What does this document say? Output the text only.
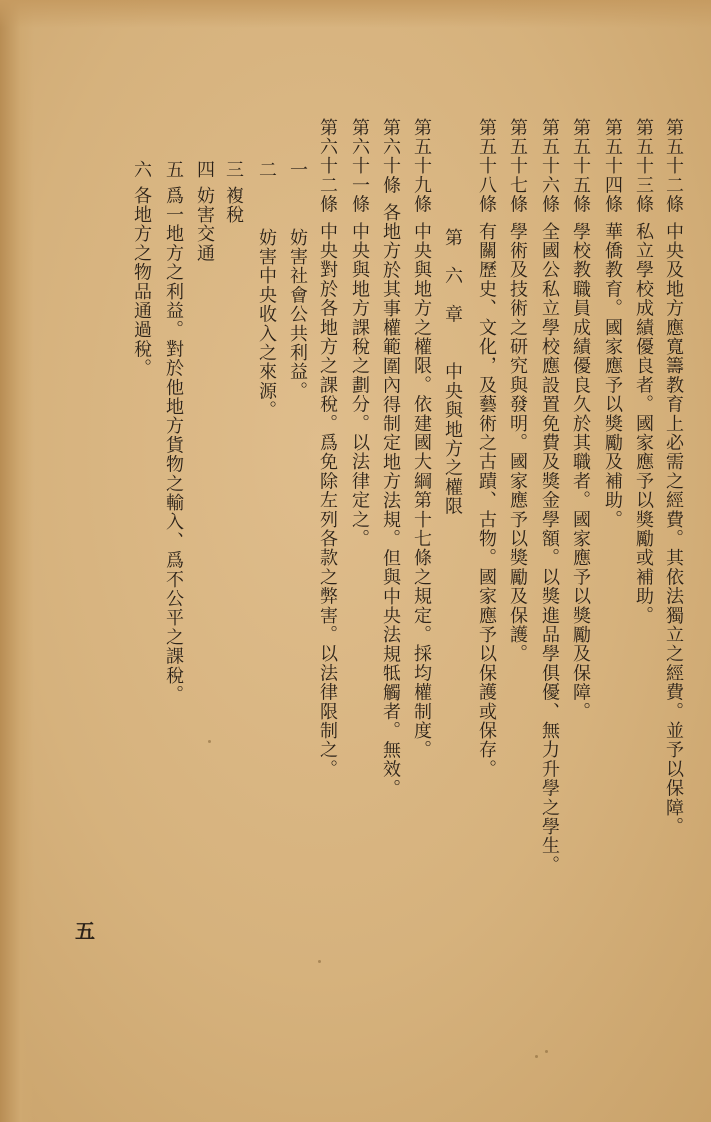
第五十二條中央及地方應寬籌教育上必需之經費。其依法獨立之經費。並予以保障。
第五十三條私立學校成績優良者。國家應予以獎勵或補助。
第五十四條華僑教育。國家應予以獎勵及補助。
第五十五條學校教職員成績優良久於其職者。國家應予以獎勵及保障。
第五十六條全國公私立學校應設置免費及獎金學額。以獎進品學俱優、無力升學之學生。
第五十七條學術及技術之研究與發明。國家應予以獎勵及保護。
第五十八條有關歷史、文化，及藝術之古蹟、古物。國家應予以保護或保存。
第　六　章　　中央與地方之權限
第五十九條中央與地方之權限。依建國大綱第十七條之規定。採均權制度。
第六十條各地方於其事權範圍內得制定地方法規。但與中央法規牴觸者。無效。
第六十一條中央與地方課稅之劃分。以法律定之。
第六十二條中央對於各地方之課稅。爲免除左列各款之弊害。以法律限制之。
一
妨害社會公共利益。
二
妨害中央收入之來源。
三
複稅
四
妨害交通
五
爲一地方之利益。對於他地方貨物之輸入、爲不公平之課稅。
六
各地方之物品通過稅。
五
